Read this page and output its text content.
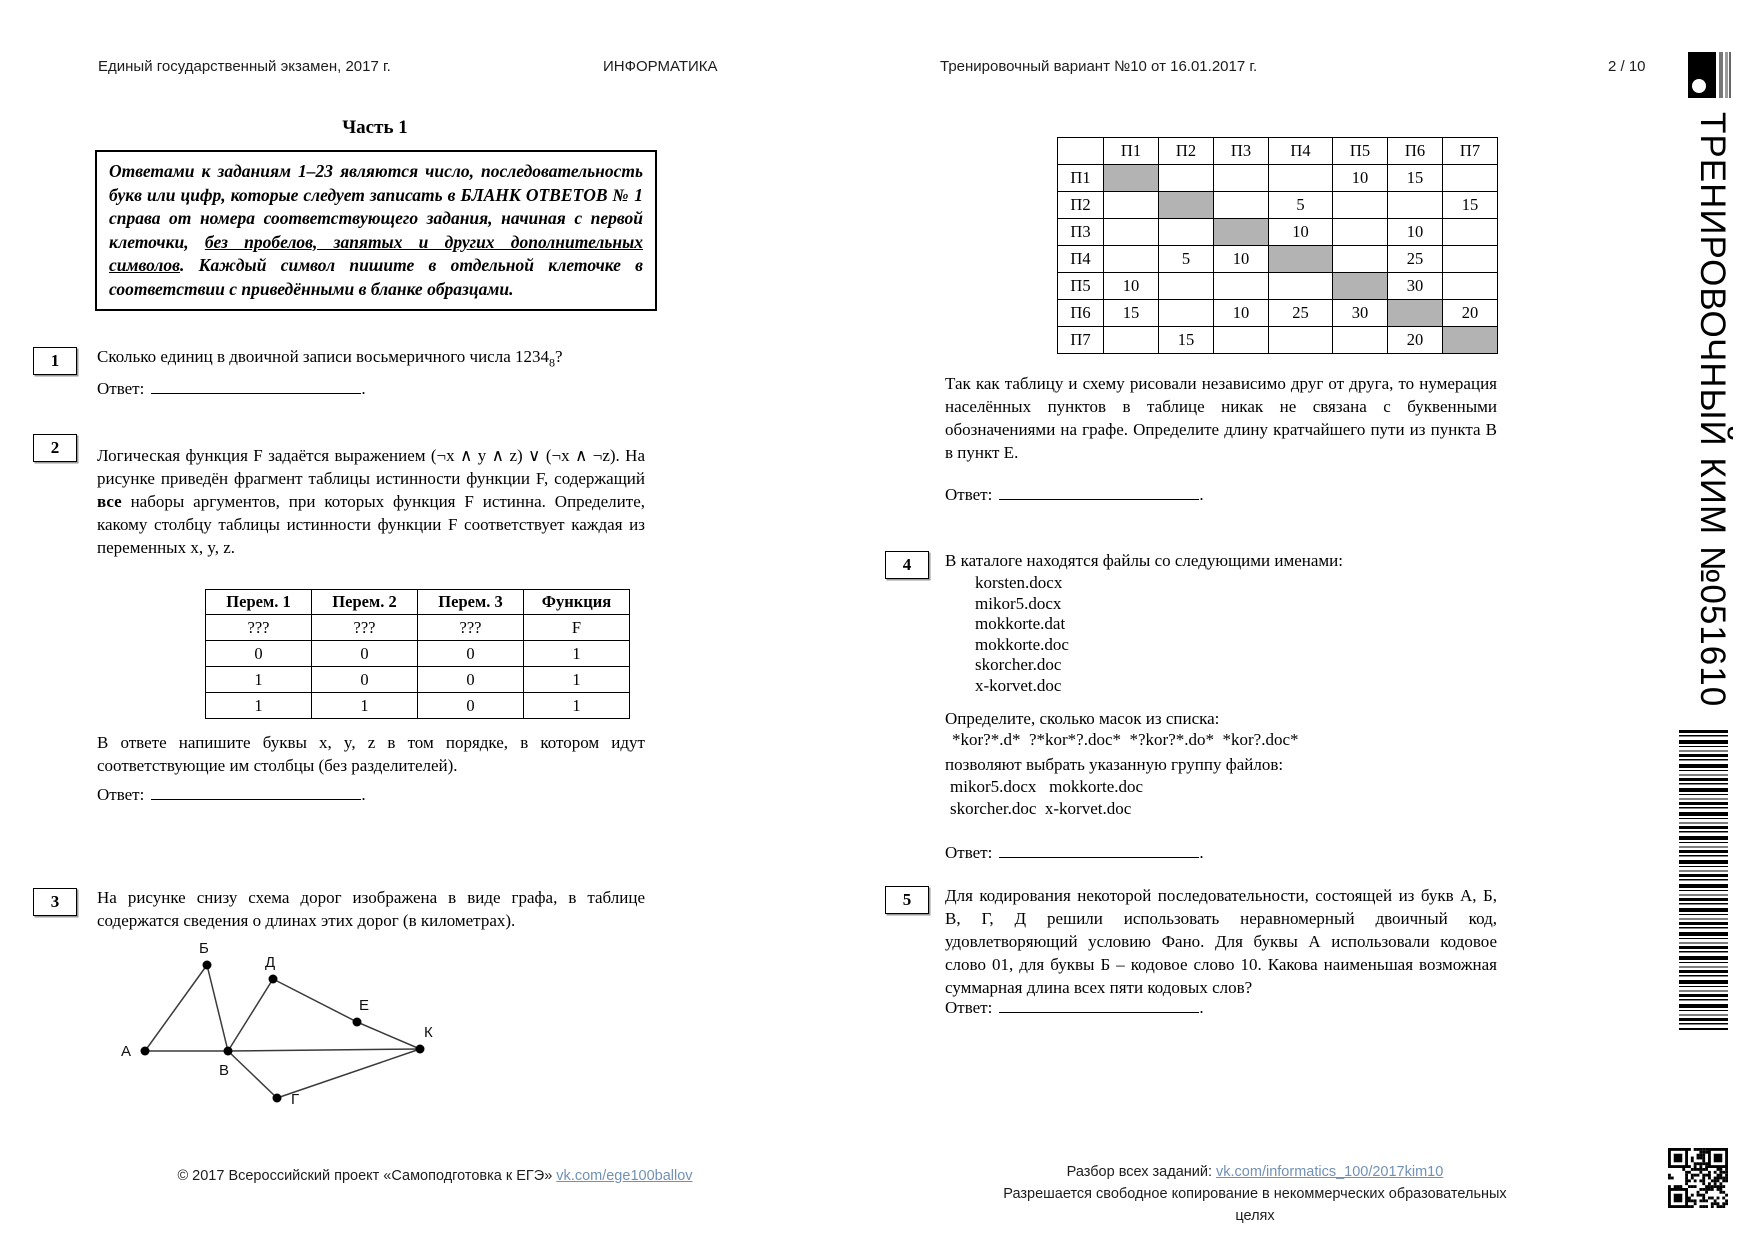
Единый государственный экзамен, 2017 г.	ИНФОРМАТИКА	Тренировочный вариант №10 от 16.01.2017 г.	2 / 10
Часть 1
Ответами к заданиям 1–23 являются число, последовательность букв или цифр, которые следует записать в БЛАНК ОТВЕТОВ № 1 справа от номера соответствующего задания, начиная с первой клеточки, без пробелов, запятых и других дополнительных символов. Каждый символ пишите в отдельной клеточке в соответствии с приведёнными в бланке образцами.
1	Сколько единиц в двоичной записи восьмеричного числа $1234_8$?
Ответ:	.
2	Логическая функция F задаётся выражением (¬x ∧ y ∧ z) ∨ (¬x ∧ ¬z). На рисунке приведён фрагмент таблицы истинности функции F, содержащий все наборы аргументов, при которых функция F истинна. Определите, какому столбцу таблицы истинности функции F соответствует каждая из переменных x, y, z.
Перем. 1	Перем. 2	Перем. 3	Функция
???	???	???	F
0	0	0	1
1	0	0	1
1	1	0	1
В ответе напишите буквы x, y, z в том порядке, в котором идут соответствующие им столбцы (без разделителей).
Ответ:	.
3	На рисунке снизу схема дорог изображена в виде графа, в таблице содержатся сведения о длинах этих дорог (в километрах).
А
Б
В
Г
Д
Е
К
	П1	П2	П3	П4	П5	П6	П7
П1					10	15	
П2				5			15
П3				10		10	
П4		5	10			25	
П5	10					30	
П6	15		10	25	30		20
П7		15				20	
Так как таблицу и схему рисовали независимо друг от друга, то нумерация населённых пунктов в таблице никак не связана с буквенными обозначениями на графе. Определите длину кратчайшего пути из пункта В в пункт Е.
Ответ:	.
4	В каталоге находятся файлы со следующими именами:
korsten.docx
mikor5.docx
mokkorte.dat
mokkorte.doc
skorcher.doc
x-korvet.doc
Определите, сколько масок из списка:
*kor?*.d*  ?*kor*?.doc*  *?kor?*.do*  *kor?.doc*
позволяют выбрать указанную группу файлов:
mikor5.docx   mokkorte.doc
skorcher.doc  x-korvet.doc
Ответ:	.
5	Для кодирования некоторой последовательности, состоящей из букв А, Б, В, Г, Д решили использовать неравномерный двоичный код, удовлетворяющий условию Фано. Для буквы А использовали кодовое слово 01, для буквы Б – кодовое слово 10. Какова наименьшая возможная суммарная длина всех пяти кодовых слов?
Ответ:	.
© 2017 Всероссийский проект «Самоподготовка к ЕГЭ» vk.com/ege100ballov	Разбор всех заданий: vk.com/informatics_100/2017kim10
Разрешается свободное копирование в некоммерческих образовательных целях
ТРЕНИРОВОЧНЫЙ КИМ №051610
